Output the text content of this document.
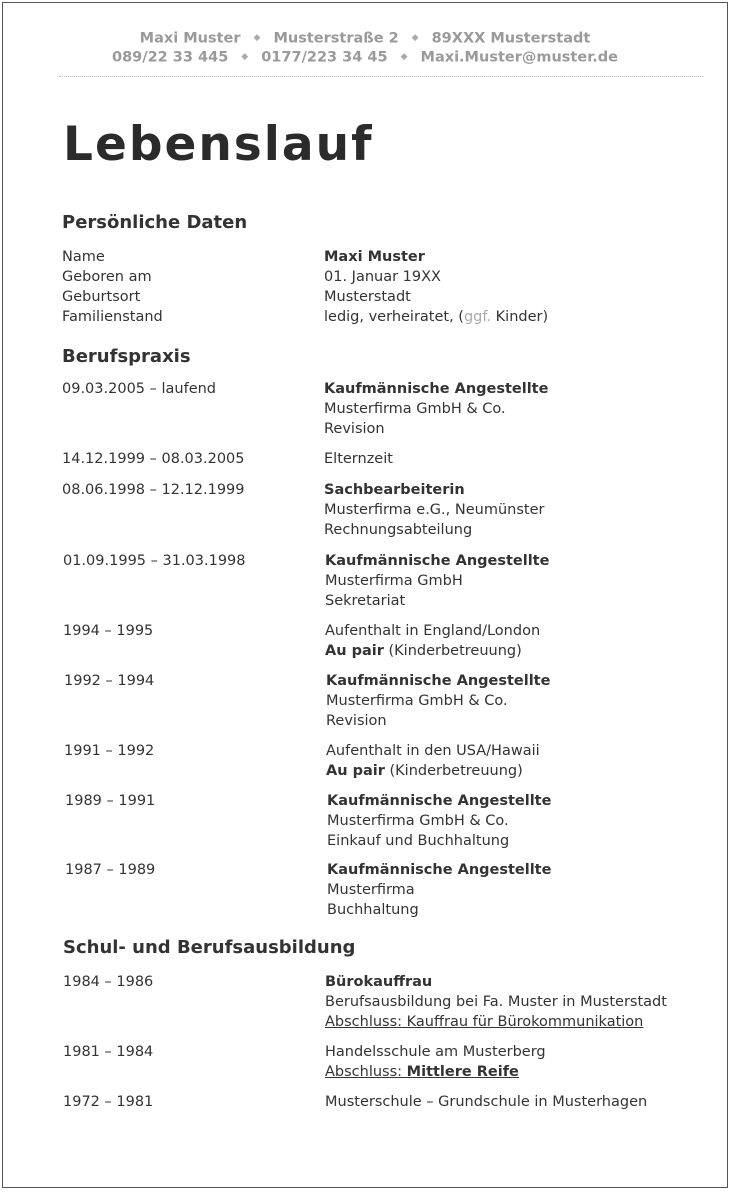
Maxi Muster ◆ Musterstraße 2 ◆ 89XXX Musterstadt
089/22 33 445 ◆ 0177/223 34 45 ◆ Maxi.Muster@muster.de
Lebenslauf
Persönliche Daten
Name	Maxi Muster
Geboren am	01. Januar 19XX
Geburtsort	Musterstadt
Familienstand	ledig, verheiratet, (ggf. Kinder)
Berufspraxis
09.03.2005 – laufend	Kaufmännische Angestellte
Musterfirma GmbH & Co.
Revision
14.12.1999 – 08.03.2005	Elternzeit
08.06.1998 – 12.12.1999	Sachbearbeiterin
Musterfirma e.G., Neumünster
Rechnungsabteilung
01.09.1995 – 31.03.1998	Kaufmännische Angestellte
Musterfirma GmbH
Sekretariat
1994 – 1995	Aufenthalt in England/London
Au pair (Kinderbetreuung)
1992 – 1994	Kaufmännische Angestellte
Musterfirma GmbH & Co.
Revision
1991 – 1992	Aufenthalt in den USA/Hawaii
Au pair (Kinderbetreuung)
1989 – 1991	Kaufmännische Angestellte
Musterfirma GmbH & Co.
Einkauf und Buchhaltung
1987 – 1989	Kaufmännische Angestellte
Musterfirma
Buchhaltung
Schul- und Berufsausbildung
1984 – 1986	Bürokauffrau
Berufsausbildung bei Fa. Muster in Musterstadt
Abschluss: Kauffrau für Bürokommunikation
1981 – 1984	Handelsschule am Musterberg
Abschluss: Mittlere Reife
1972 – 1981	Musterschule – Grundschule in Musterhagen
